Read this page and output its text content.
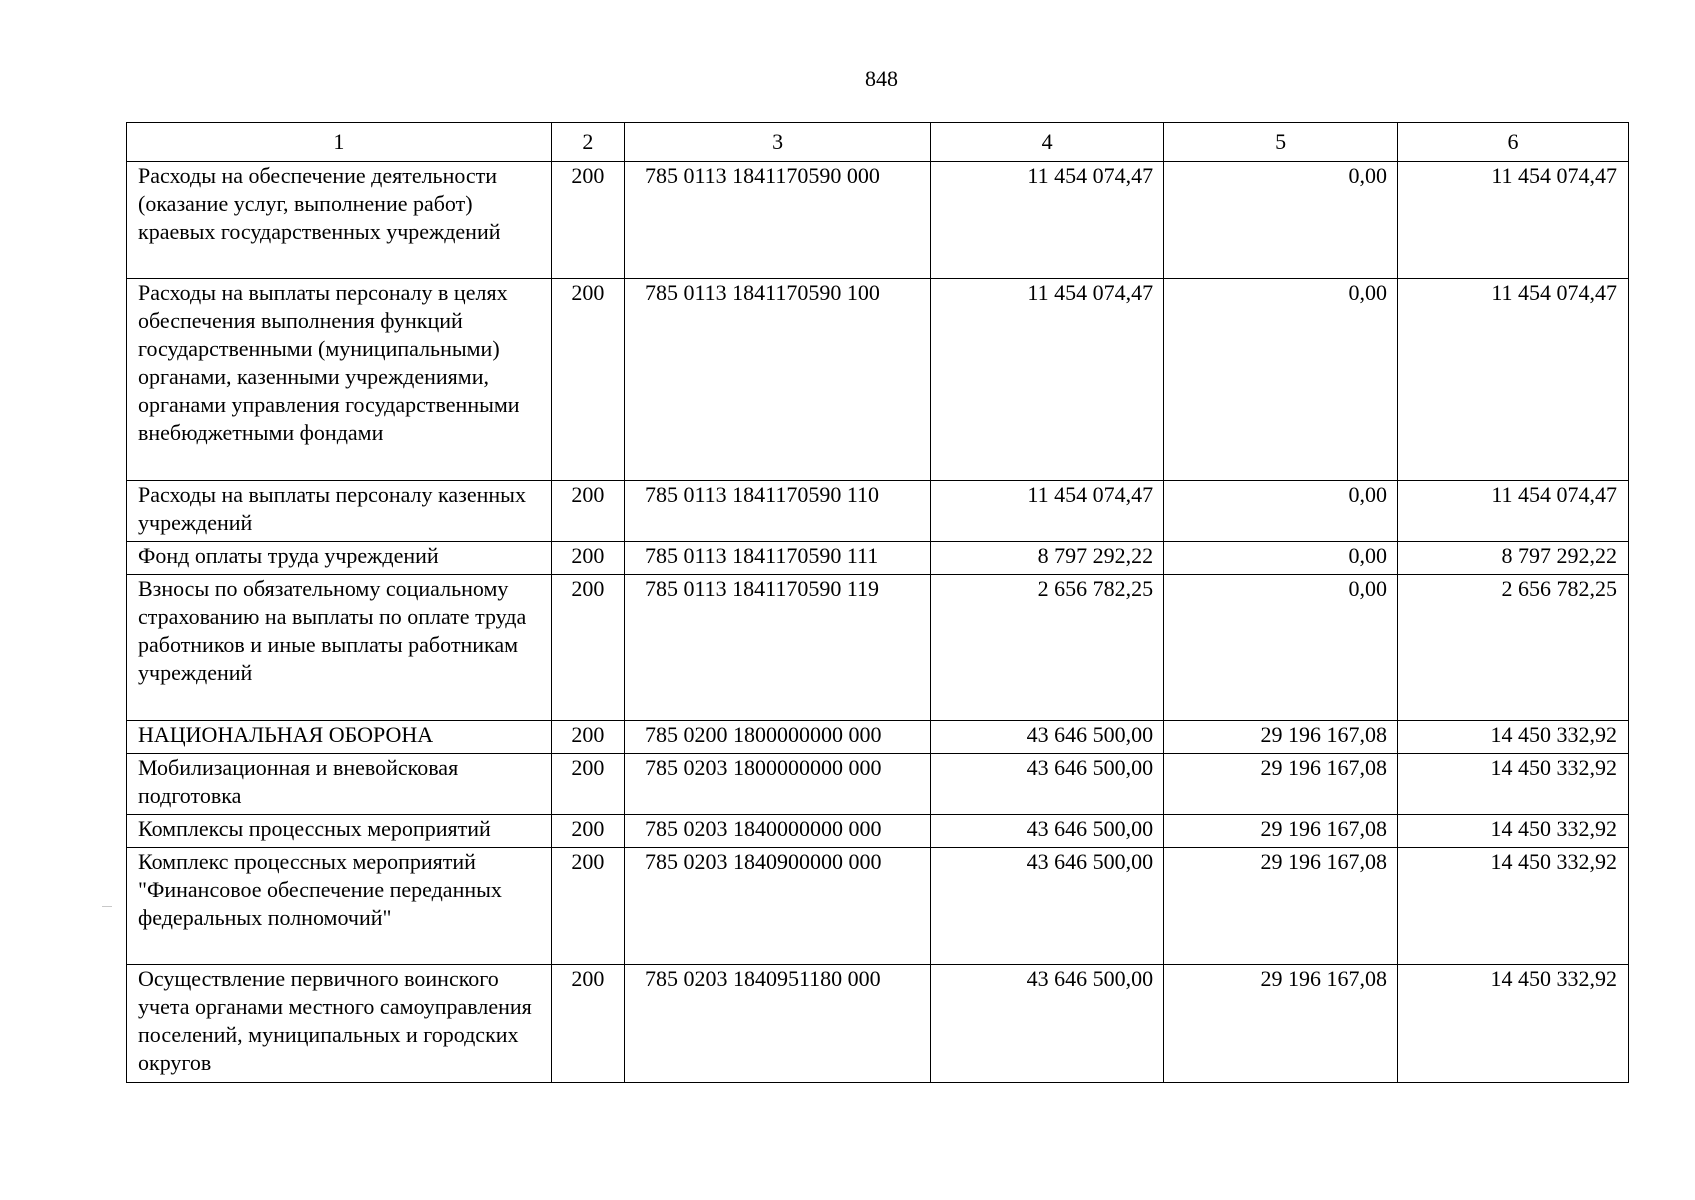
848
1	2	3	4	5	6
Расходы на обеспечение деятельности (оказание услуг, выполнение работ) краевых государственных учреждений	200	785 0113 1841170590 000	11 454 074,47	0,00	11 454 074,47
Расходы на выплаты персоналу в целях обеспечения выполнения функций государственными (муниципальными) органами, казенными учреждениями, органами управления государственными внебюджетными фондами	200	785 0113 1841170590 100	11 454 074,47	0,00	11 454 074,47
Расходы на выплаты персоналу казенных учреждений	200	785 0113 1841170590 110	11 454 074,47	0,00	11 454 074,47
Фонд оплаты труда учреждений	200	785 0113 1841170590 111	8 797 292,22	0,00	8 797 292,22
Взносы по обязательному социальному страхованию на выплаты по оплате труда работников и иные выплаты работникам учреждений	200	785 0113 1841170590 119	2 656 782,25	0,00	2 656 782,25
НАЦИОНАЛЬНАЯ ОБОРОНА	200	785 0200 1800000000 000	43 646 500,00	29 196 167,08	14 450 332,92
Мобилизационная и вневойсковая подготовка	200	785 0203 1800000000 000	43 646 500,00	29 196 167,08	14 450 332,92
Комплексы процессных мероприятий	200	785 0203 1840000000 000	43 646 500,00	29 196 167,08	14 450 332,92
Комплекс процессных мероприятий "Финансовое обеспечение переданных федеральных полномочий"	200	785 0203 1840900000 000	43 646 500,00	29 196 167,08	14 450 332,92
Осуществление первичного воинского учета органами местного самоуправления поселений, муниципальных и городских округов	200	785 0203 1840951180 000	43 646 500,00	29 196 167,08	14 450 332,92
